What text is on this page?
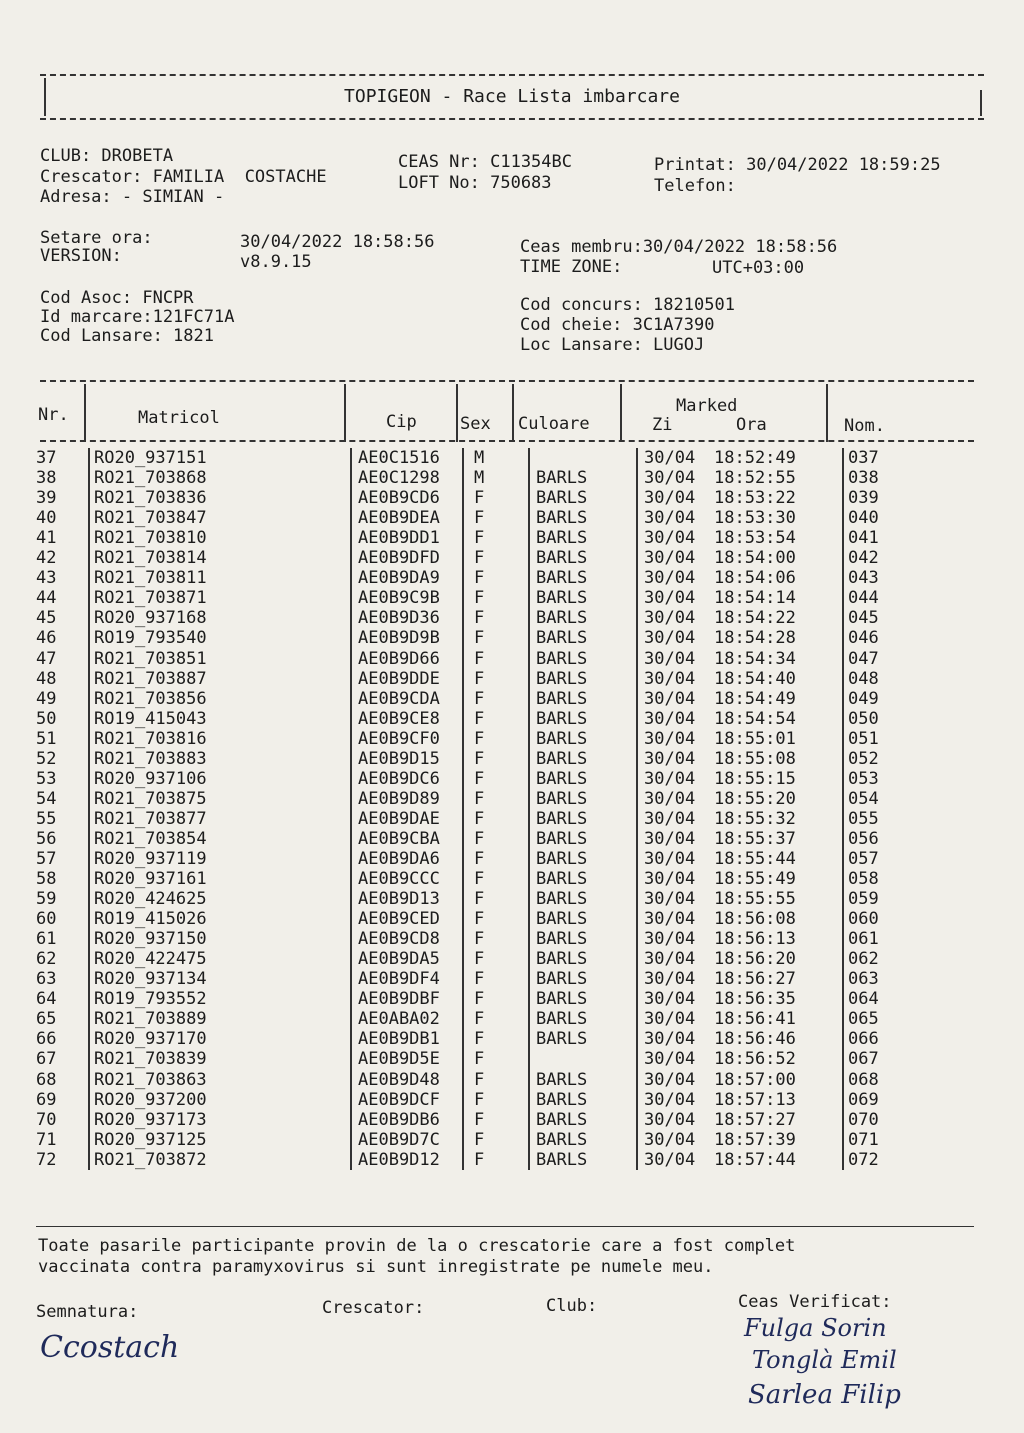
TOPIGEON - Race Lista imbarcare
CLUB: DROBETA
Crescator: FAMILIA  COSTACHE
Adresa: - SIMIAN -
CEAS Nr: C11354BC
LOFT No: 750683
Printat: 30/04/2022 18:59:25
Telefon:
Setare ora:	30/04/2022 18:58:56
VERSION:	v8.9.15
Ceas membru:30/04/2022 18:58:56
TIME ZONE:	UTC+03:00
Cod Asoc: FNCPR
Id marcare:121FC71A
Cod Lansare: 1821
Cod concurs: 18210501
Cod cheie: 3C1A7390
Loc Lansare: LUGOJ
Nr.	Matricol	Cip	Sex Culoare
Marked
Zi	Ora	Nom.
37	RO20_937151	AE0C1516	M		30/04	18:52:49	037
38	RO21_703868	AE0C1298	M	BARLS	30/04	18:52:55	038
39	RO21_703836	AE0B9CD6	F	BARLS	30/04	18:53:22	039
40	RO21_703847	AE0B9DEA	F	BARLS	30/04	18:53:30	040
41	RO21_703810	AE0B9DD1	F	BARLS	30/04	18:53:54	041
42	RO21_703814	AE0B9DFD	F	BARLS	30/04	18:54:00	042
43	RO21_703811	AE0B9DA9	F	BARLS	30/04	18:54:06	043
44	RO21_703871	AE0B9C9B	F	BARLS	30/04	18:54:14	044
45	RO20_937168	AE0B9D36	F	BARLS	30/04	18:54:22	045
46	RO19_793540	AE0B9D9B	F	BARLS	30/04	18:54:28	046
47	RO21_703851	AE0B9D66	F	BARLS	30/04	18:54:34	047
48	RO21_703887	AE0B9DDE	F	BARLS	30/04	18:54:40	048
49	RO21_703856	AE0B9CDA	F	BARLS	30/04	18:54:49	049
50	RO19_415043	AE0B9CE8	F	BARLS	30/04	18:54:54	050
51	RO21_703816	AE0B9CF0	F	BARLS	30/04	18:55:01	051
52	RO21_703883	AE0B9D15	F	BARLS	30/04	18:55:08	052
53	RO20_937106	AE0B9DC6	F	BARLS	30/04	18:55:15	053
54	RO21_703875	AE0B9D89	F	BARLS	30/04	18:55:20	054
55	RO21_703877	AE0B9DAE	F	BARLS	30/04	18:55:32	055
56	RO21_703854	AE0B9CBA	F	BARLS	30/04	18:55:37	056
57	RO20_937119	AE0B9DA6	F	BARLS	30/04	18:55:44	057
58	RO20_937161	AE0B9CCC	F	BARLS	30/04	18:55:49	058
59	RO20_424625	AE0B9D13	F	BARLS	30/04	18:55:55	059
60	RO19_415026	AE0B9CED	F	BARLS	30/04	18:56:08	060
61	RO20_937150	AE0B9CD8	F	BARLS	30/04	18:56:13	061
62	RO20_422475	AE0B9DA5	F	BARLS	30/04	18:56:20	062
63	RO20_937134	AE0B9DF4	F	BARLS	30/04	18:56:27	063
64	RO19_793552	AE0B9DBF	F	BARLS	30/04	18:56:35	064
65	RO21_703889	AE0ABA02	F	BARLS	30/04	18:56:41	065
66	RO20_937170	AE0B9DB1	F	BARLS	30/04	18:56:46	066
67	RO21_703839	AE0B9D5E	F		30/04	18:56:52	067
68	RO21_703863	AE0B9D48	F	BARLS	30/04	18:57:00	068
69	RO20_937200	AE0B9DCF	F	BARLS	30/04	18:57:13	069
70	RO20_937173	AE0B9DB6	F	BARLS	30/04	18:57:27	070
71	RO20_937125	AE0B9D7C	F	BARLS	30/04	18:57:39	071
72	RO21_703872	AE0B9D12	F	BARLS	30/04	18:57:44	072
Toate pasarile participante provin de la o crescatorie care a fost complet
vaccinata contra paramyxovirus si sunt inregistrate pe numele meu.
Semnatura:	Crescator:	Club:	Ceas Verificat:
Ccostach
Fulga Sorin
Tonglà Emil
Sarlea Filip
